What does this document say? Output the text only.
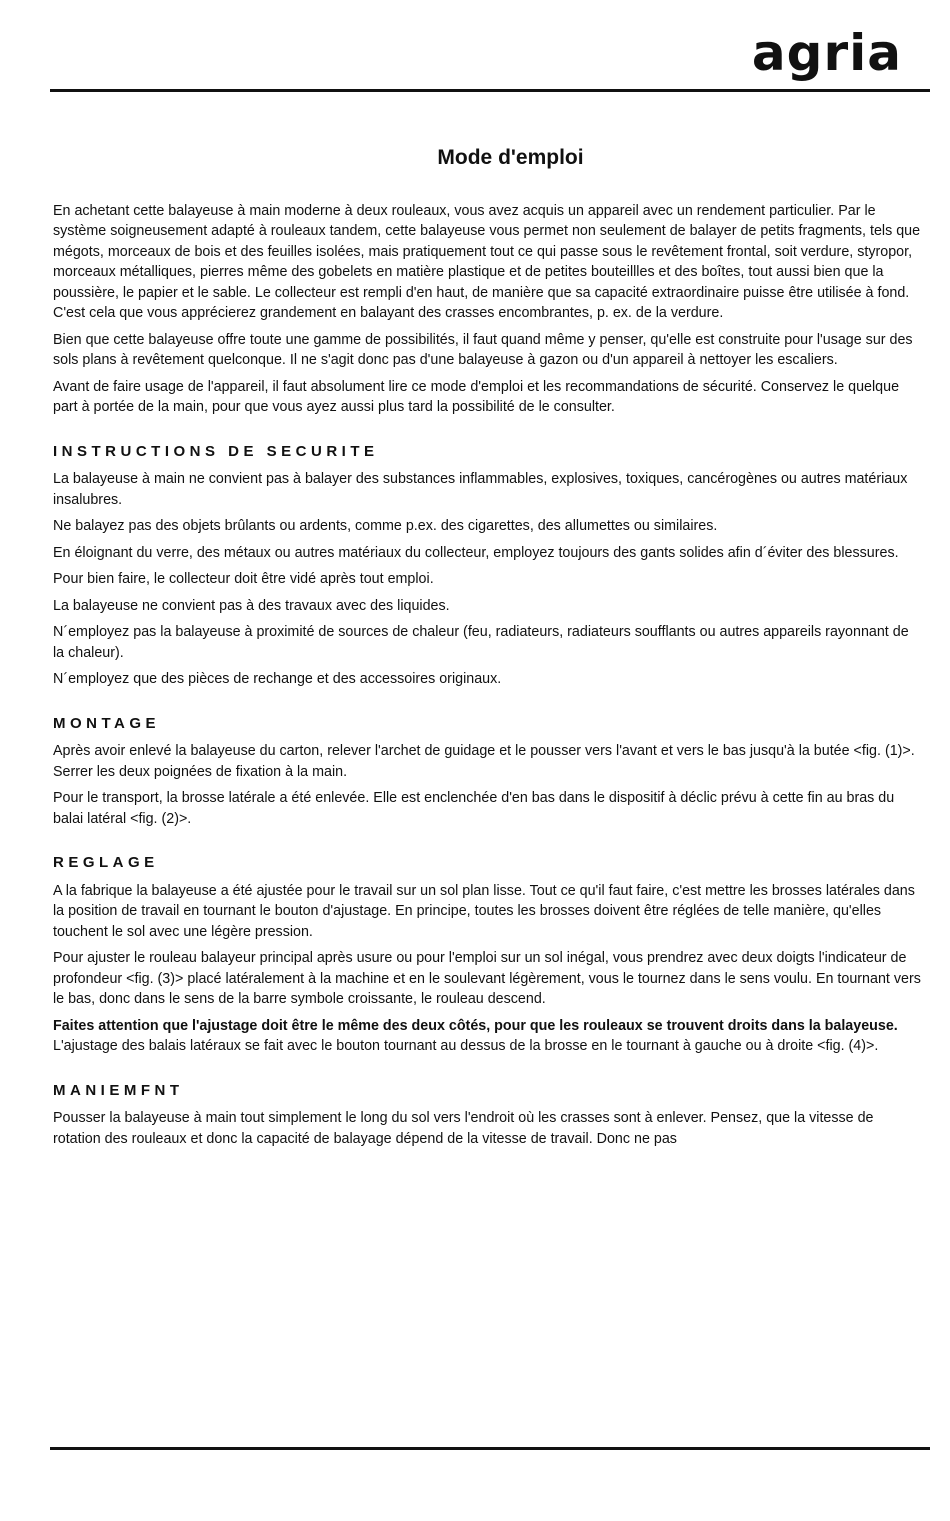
agria
Mode d'emploi

En achetant cette balayeuse à main moderne à deux rouleaux, vous avez acquis un appareil avec un rendement particulier. Par le système soigneusement adapté à rouleaux tandem, cette balayeuse vous permet non seulement de balayer de petits fragments, tels que mégots, morceaux de bois et des feuilles isolées, mais pratiquement tout ce qui passe sous le revêtement frontal, soit verdure, styropor, morceaux métalliques, pierres même des gobelets en matière plastique et de petites bouteillles et des boîtes, tout aussi bien que la poussière, le papier et le sable. Le collecteur est rempli d'en haut, de manière que sa capacité extraordinaire puisse être utilisée à fond. C'est cela que vous apprécierez grandement en balayant des crasses encombrantes, p. ex. de la verdure.

Bien que cette balayeuse offre toute une gamme de possibilités, il faut quand même y penser, qu'elle est construite pour l'usage sur des sols plans à revêtement quelconque. Il ne s'agit donc pas d'une balayeuse à gazon ou d'un appareil à nettoyer les escaliers.

Avant de faire usage de l'appareil, il faut absolument lire ce mode d'emploi et les recommandations de sécurité. Conservez le quelque part à portée de la main, pour que vous ayez aussi plus tard la possibilité de le consulter.

INSTRUCTIONS DE SECURITE

La balayeuse à main ne convient pas à balayer des substances inflammables, explosives, toxiques, cancérogènes ou autres matériaux insalubres.

Ne balayez pas des objets brûlants ou ardents, comme p.ex. des cigarettes, des allumettes ou similaires.

En éloignant du verre, des métaux ou autres matériaux du collecteur, employez toujours des gants solides afin d´éviter des blessures.

Pour bien faire, le collecteur doit être vidé après tout emploi.

La balayeuse ne convient pas à des travaux avec des liquides.

N´employez pas la balayeuse à proximité de sources de chaleur (feu, radiateurs, radiateurs soufflants ou autres appareils rayonnant de la chaleur).

N´employez que des pièces de rechange et des accessoires originaux.

MONTAGE

Après avoir enlevé la balayeuse du carton, relever l'archet de guidage et le pousser vers l'avant et vers le bas jusqu'à la butée <fig. (1)>. Serrer les deux poignées de fixation à la main.

Pour le transport, la brosse latérale a été enlevée. Elle est enclenchée d'en bas dans le dispositif à déclic prévu à cette fin au bras du balai latéral <fig. (2)>.

REGLAGE

A la fabrique la balayeuse a été ajustée pour le travail sur un sol plan lisse. Tout ce qu'il faut faire, c'est mettre les brosses latérales dans la position de travail en tournant le bouton d'ajustage. En principe, toutes les brosses doivent être réglées de telle manière, qu'elles touchent le sol avec une légère pression.

Pour ajuster le rouleau balayeur principal après usure ou pour l'emploi sur un sol inégal, vous prendrez avec deux doigts l'indicateur de profondeur <fig. (3)> placé latéralement à la machine et en le soulevant légèrement, vous le tournez dans le sens voulu. En tournant vers le bas, donc dans le sens de la barre symbole croissante, le rouleau descend.

Faites attention que l'ajustage doit être le même des deux côtés, pour que les rouleaux se trouvent droits dans la balayeuse. L'ajustage des balais latéraux se fait avec le bouton tournant au dessus de la brosse en le tournant à gauche ou à droite <fig. (4)>.

MANIEMFNT

Pousser la balayeuse à main tout simplement le long du sol vers l'endroit où les crasses sont à enlever. Pensez, que la vitesse de rotation des rouleaux et donc la capacité de balayage dépend de la vitesse de travail. Donc ne pas
